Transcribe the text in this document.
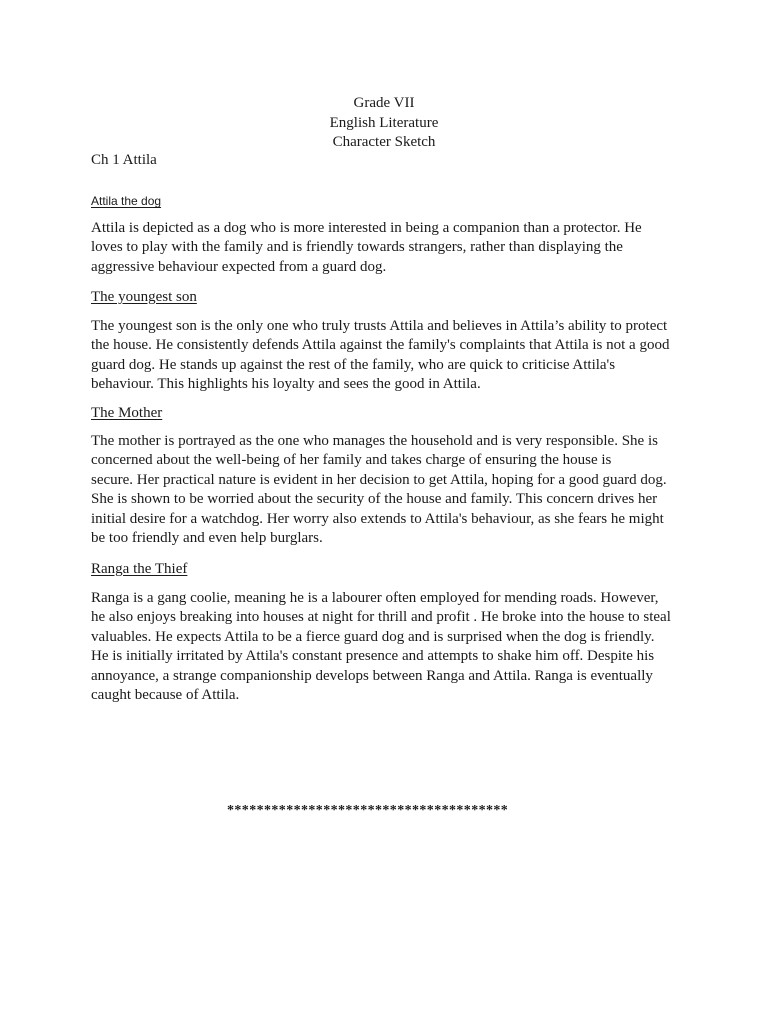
Grade VII
English Literature
Character Sketch
Ch 1 Attila
Attila the dog

Attila is depicted as a dog who is more interested in being a companion than a protector. He
loves to play with the family and is friendly towards strangers, rather than displaying the
aggressive behaviour expected from a guard dog.

The youngest son

The youngest son is the only one who truly trusts Attila and believes in Attila’s ability to protect
the house. He consistently defends Attila against the family's complaints that Attila is not a good
guard dog. He stands up against the rest of the family, who are quick to criticise Attila's
behaviour. This highlights his loyalty and sees the good in Attila.

The Mother

The mother is portrayed as the one who manages the household and is very responsible. She is
concerned about the well-being of her family and takes charge of ensuring the house is
secure. Her practical nature is evident in her decision to get Attila, hoping for a good guard dog.
She is shown to be worried about the security of the house and family. This concern drives her
initial desire for a watchdog. Her worry also extends to Attila's behaviour, as she fears he might
be too friendly and even help burglars.

Ranga the Thief

Ranga is a gang coolie, meaning he is a labourer often employed for mending roads. However,
he also enjoys breaking into houses at night for thrill and profit . He broke into the house to steal
valuables. He expects Attila to be a fierce guard dog and is surprised when the dog is friendly.
He is initially irritated by Attila's constant presence and attempts to shake him off. Despite his
annoyance, a strange companionship develops between Ranga and Attila. Ranga is eventually
caught because of Attila.

**************************************
